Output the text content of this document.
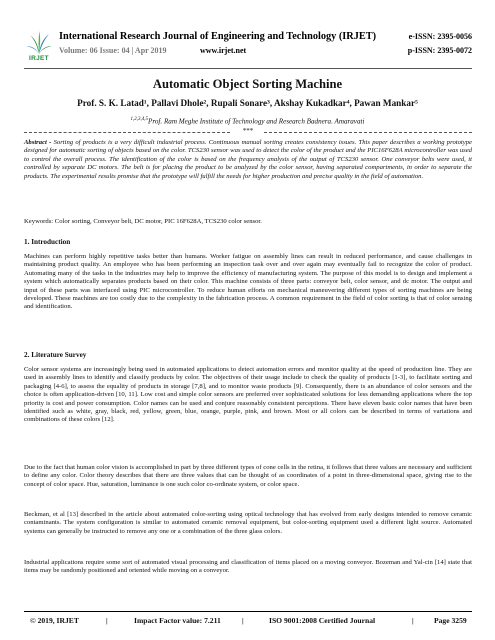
IRJET
International Research Journal of Engineering and Technology (IRJET)
Volume: 06 Issue: 04 | Apr 2019	www.irjet.net
e-ISSN: 2395-0056
p-ISSN: 2395-0072
Automatic Object Sorting Machine
Prof. S. K. Latad¹, Pallavi Dhole², Rupali Sonare³, Akshay Kukadkar⁴, Pawan Mankar⁵
$^{1,2,3,4,5}$Prof. Ram Meghe Institute of Technology and Research Badnera. Amaravati
***

Abstract - Sorting of products is a very difficult industrial process. Continuous manual sorting creates consistency issues. This paper describes a working prototype designed for automatic sorting of objects based on the color. TCS230 sensor was used to detect the color of the product and the PIC16F628A microcontroller was used to control the overall process. The identification of the color is based on the frequency analysis of the output of TCS230 sensor. One conveyor belts were used, it controlled by separate DC motors. The belt is for placing the product to be analyzed by the color sensor, having separated compartments, in order to separate the products. The experimental results promise that the prototype will fulfill the needs for higher production and precise quality in the field of automation.

Keywords: Color sorting, Conveyor belt, DC motor, PIC 16F628A, TCS230 color sensor.

1. Introduction

Machines can perform highly repetitive tasks better than humans. Worker fatigue on assembly lines can result in reduced performance, and cause challenges in maintaining product quality. An employee who has been performing an inspection task over and over again may eventually fail to recognize the color of product. Automating many of the tasks in the industries may help to improve the efficiency of manufacturing system. The purpose of this model is to design and implement a system which automatically separates products based on their color. This machine consists of three parts: conveyor belt, color sensor, and dc motor. The output and input of these parts was interfaced using PIC microcontroller. To reduce human efforts on mechanical maneuvering different types of sorting machines are being developed. These machines are too costly due to the complexity in the fabrication process. A common requirement in the field of color sorting is that of color sensing and identification.

2. Literature Survey

Color sensor systems are increasingly being used in automated applications to detect automation errors and monitor quality at the speed of production line. They are used in assembly lines to identify and classify products by color. The objectives of their usage include to check the quality of products [1-3], to facilitate sorting and packaging [4-6], to assess the equality of products in storage [7,8], and to monitor waste products [9]. Consequently, there is an abundance of color sensors and the choice is often application-driven [10, 11]. Low cost and simple color sensors are preferred over sophisticated solutions for less demanding applications where the top priority is cost and power consumption. Color names can be used and conjure reasonably consistent perceptions. There have eleven basic color names that have been identified such as white, gray, black, red, yellow, green, blue, orange, purple, pink, and brown. Most or all colors can be described in terms of variations and combinations of these colors [12].

Due to the fact that human color vision is accomplished in part by three different types of cone cells in the retina, it follows that three values are necessary and sufficient to define any color. Color theory describes that there are three values that can be thought of as coordinates of a point in three-dimensional space, giving rise to the concept of color space. Hue, saturation, luminance is one such color co-ordinate system, or color space.

Beckman, et al [13] described in the article about automated color-sorting using optical technology that has evolved from early designs intended to remove ceramic contaminants. The system configuration is similar to automated ceramic removal equipment, but color-sorting equipment used a different light source. Automated systems can generally be instructed to remove any one or a combination of the three glass colors.

Industrial applications require some sort of automated visual processing and classification of items placed on a moving conveyor. Bozeman and Yal-cin [14] state that items may be randomly positioned and oriented while moving on a conveyor.

© 2019, IRJET	|	Impact Factor value: 7.211	|	ISO 9001:2008 Certified Journal	|	Page 3259
